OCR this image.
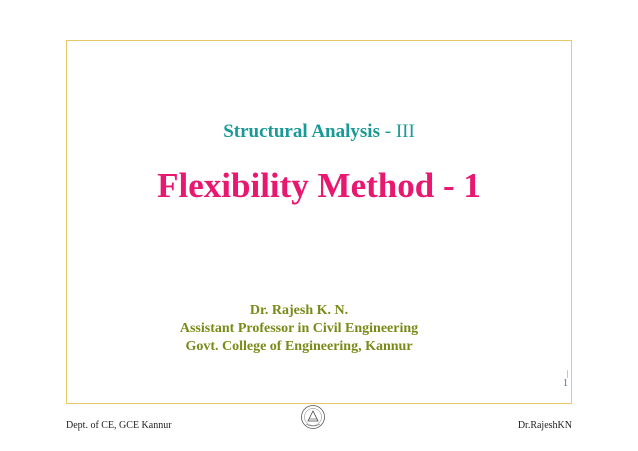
Structural Analysis - III
Flexibility Method - 1
Dr. Rajesh K. N.
Assistant Professor in Civil Engineering
Govt. College of Engineering, Kannur
1
Dept. of CE, GCE Kannur	Dr.RajeshKN
